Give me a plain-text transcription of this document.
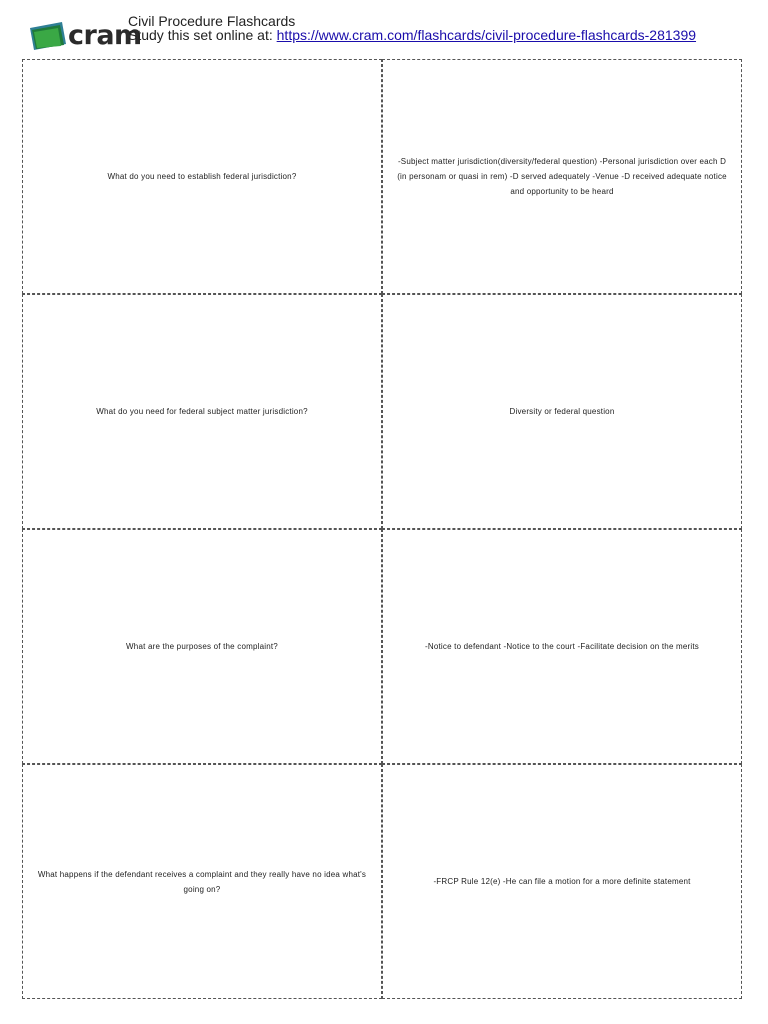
cram
Civil Procedure Flashcards
Study this set online at: https://www.cram.com/flashcards/civil-procedure-flashcards-281399
What do you need to establish federal jurisdiction?
-Subject matter jurisdiction(diversity/federal question) -Personal jurisdiction over each D (in personam or quasi in rem) -D served adequately -Venue -D received adequate notice and opportunity to be heard
What do you need for federal subject matter jurisdiction?	Diversity or federal question
What are the purposes of the complaint?	-Notice to defendant -Notice to the court -Facilitate decision on the merits
What happens if the defendant receives a complaint and they really have no idea what's going on?
-FRCP Rule 12(e) -He can file a motion for a more definite statement
